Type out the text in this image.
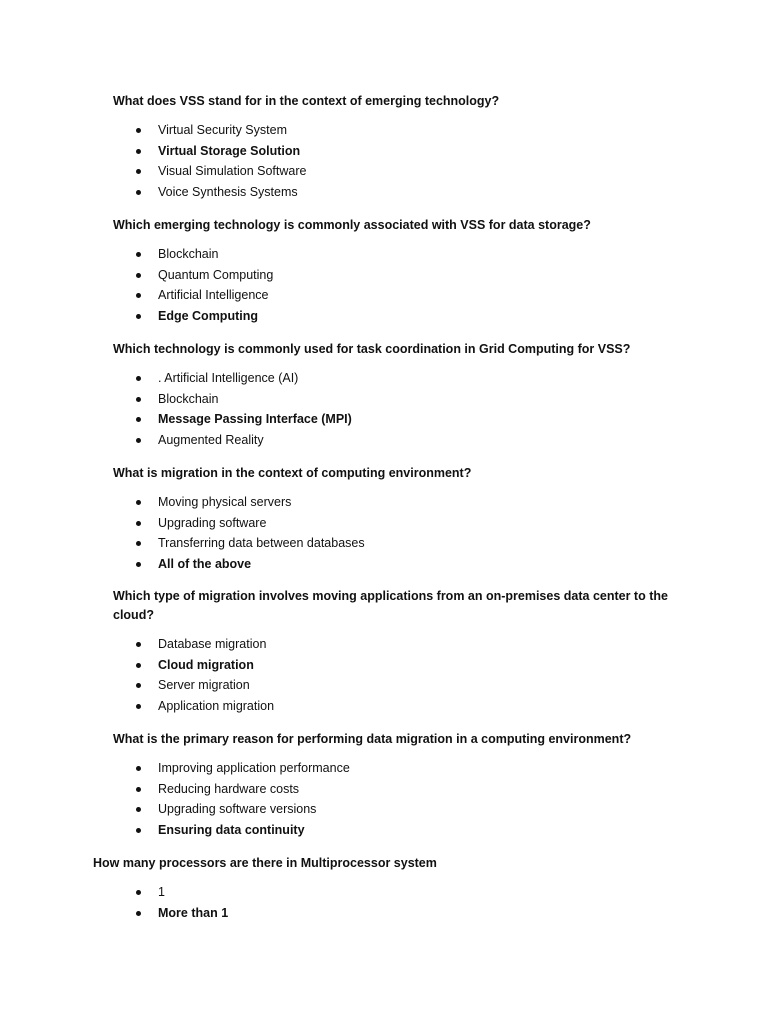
What does VSS stand for in the context of emerging technology?

Virtual Security System
Virtual Storage Solution
Visual Simulation Software
Voice Synthesis Systems

Which emerging technology is commonly associated with VSS for data storage?

Blockchain
Quantum Computing
Artificial Intelligence
Edge Computing

Which technology is commonly used for task coordination in Grid Computing for VSS?

. Artificial Intelligence (AI)
Blockchain
Message Passing Interface (MPI)
Augmented Reality

What is migration in the context of computing environment?

Moving physical servers
Upgrading software
Transferring data between databases
All of the above

Which type of migration involves moving applications from an on-premises data center to the cloud?

Database migration
Cloud migration
Server migration
Application migration

What is the primary reason for performing data migration in a computing environment?

Improving application performance
Reducing hardware costs
Upgrading software versions
Ensuring data continuity

How many processors are there in Multiprocessor system

1
More than 1
